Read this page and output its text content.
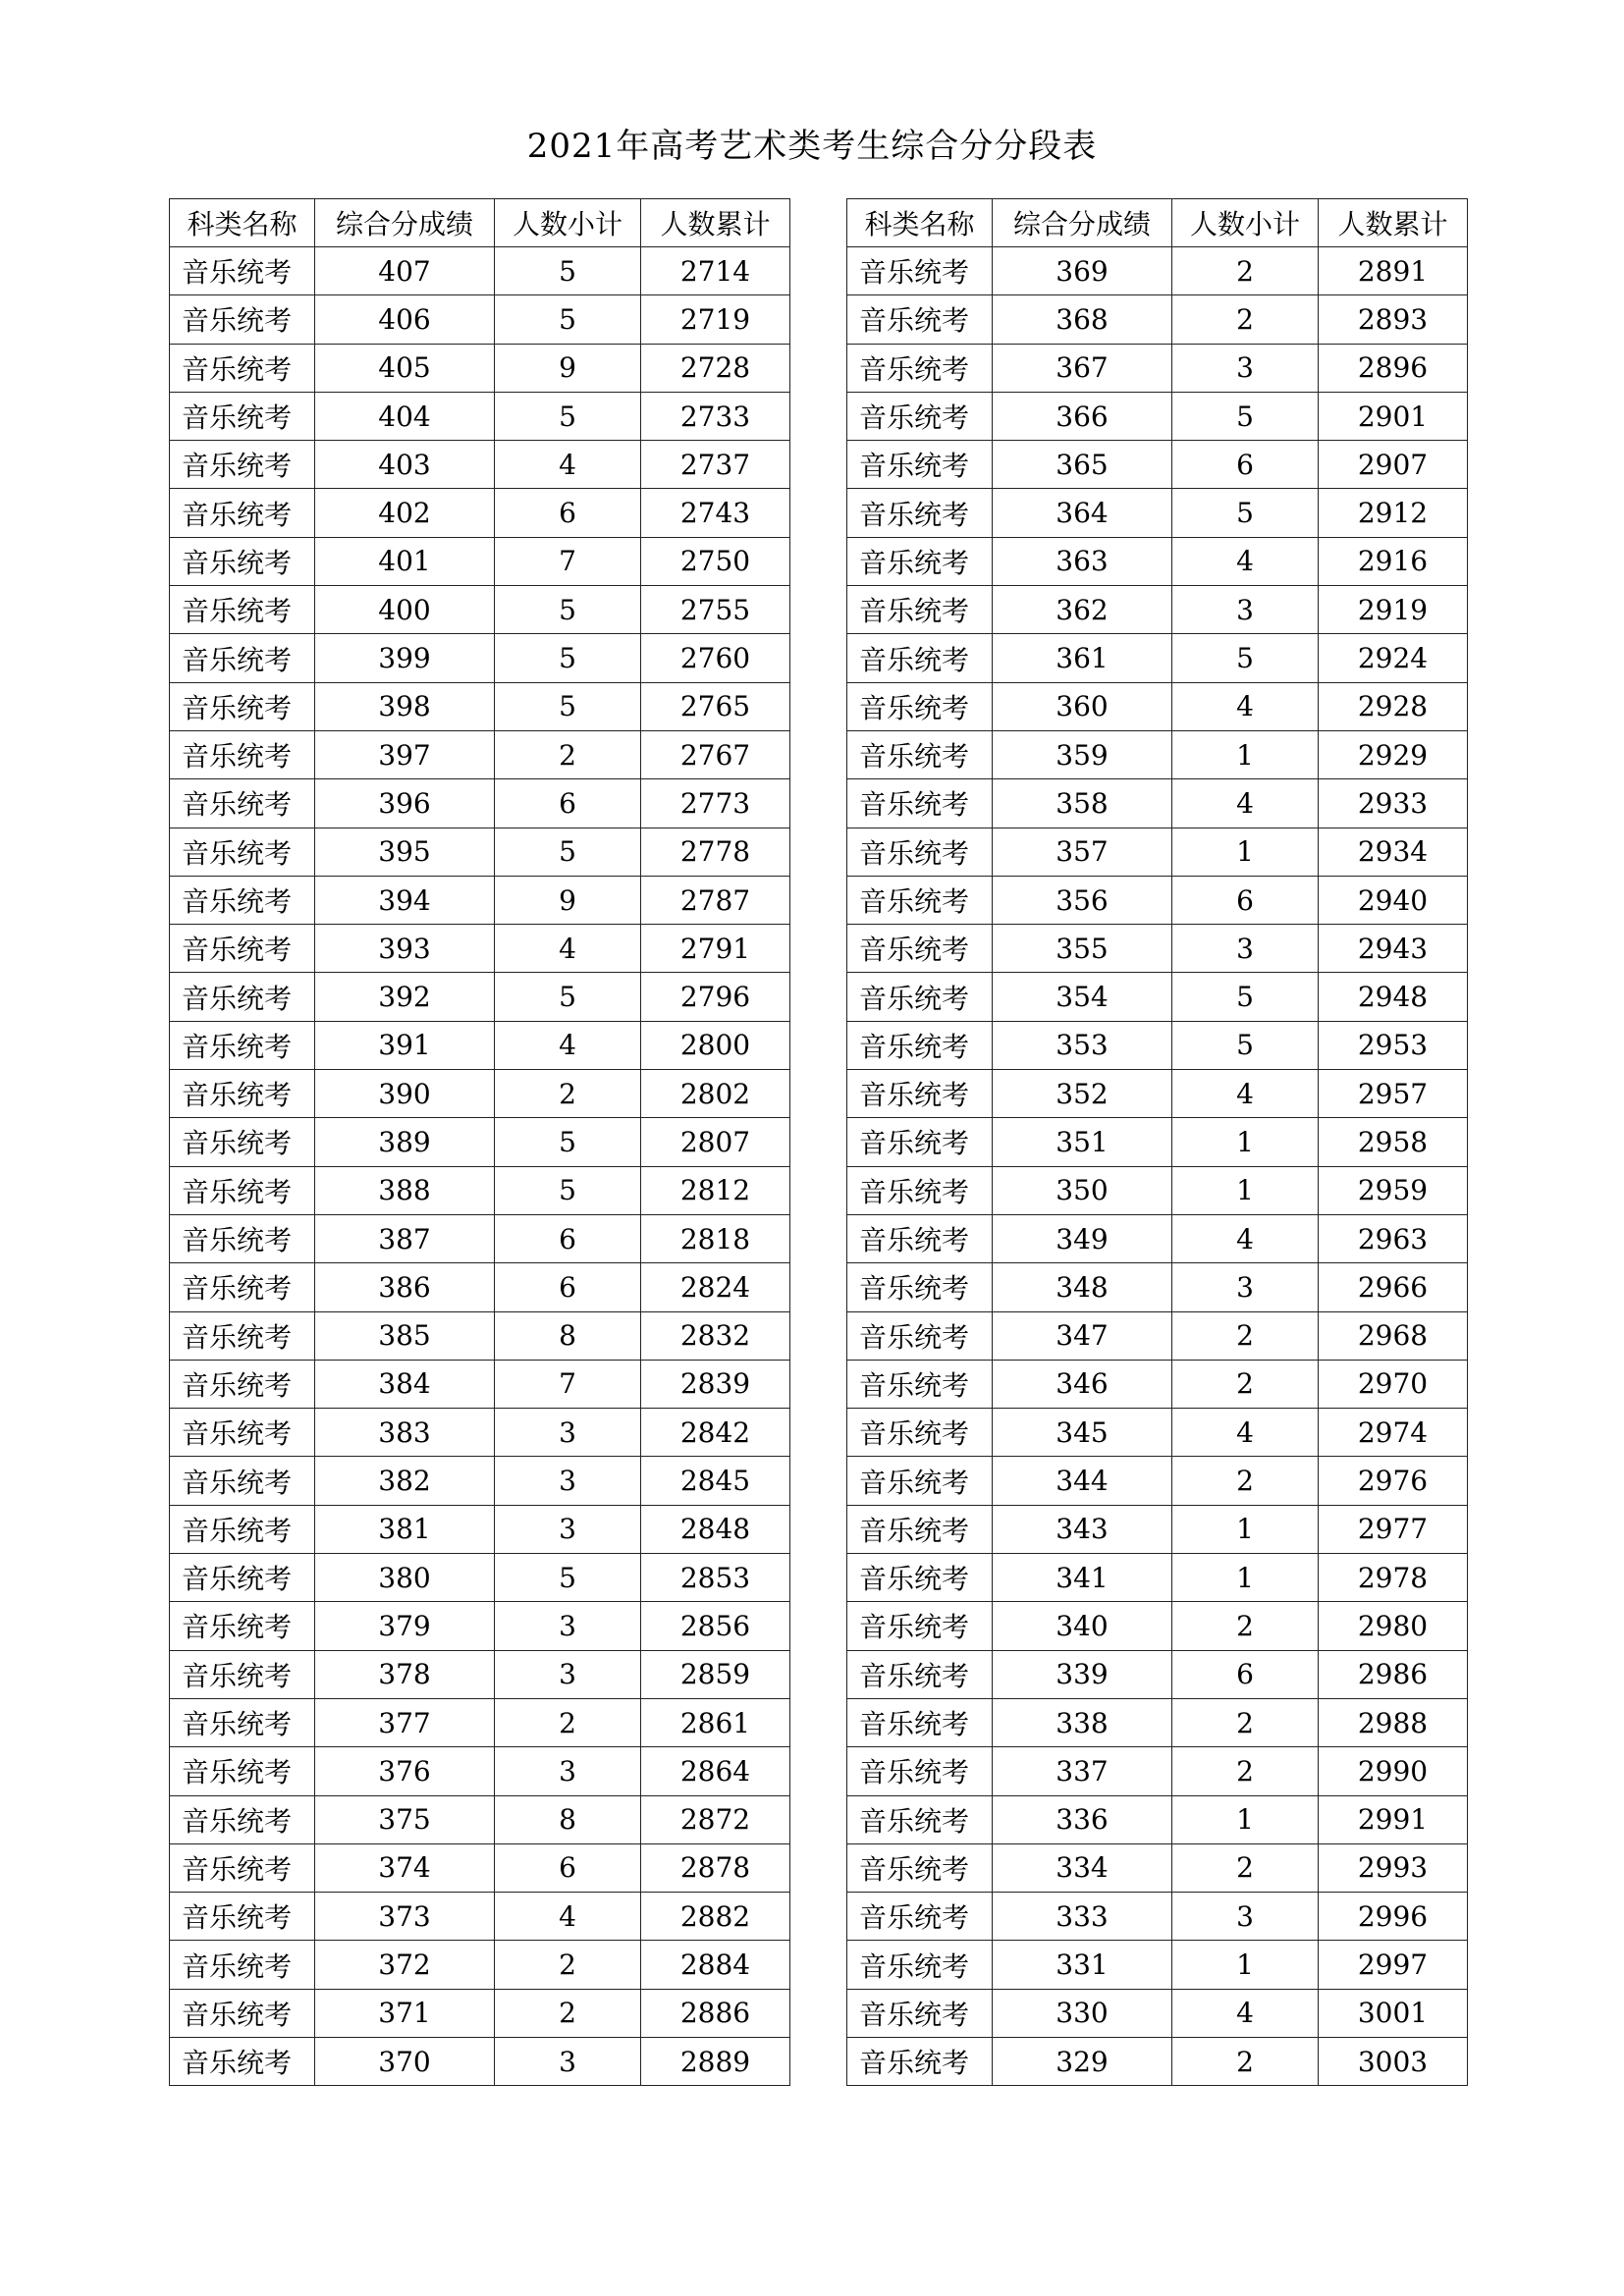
2021年高考艺术类考生综合分分段表
科类名称	综合分成绩	人数小计	人数累计
音乐统考	407	5	2714
音乐统考	406	5	2719
音乐统考	405	9	2728
音乐统考	404	5	2733
音乐统考	403	4	2737
音乐统考	402	6	2743
音乐统考	401	7	2750
音乐统考	400	5	2755
音乐统考	399	5	2760
音乐统考	398	5	2765
音乐统考	397	2	2767
音乐统考	396	6	2773
音乐统考	395	5	2778
音乐统考	394	9	2787
音乐统考	393	4	2791
音乐统考	392	5	2796
音乐统考	391	4	2800
音乐统考	390	2	2802
音乐统考	389	5	2807
音乐统考	388	5	2812
音乐统考	387	6	2818
音乐统考	386	6	2824
音乐统考	385	8	2832
音乐统考	384	7	2839
音乐统考	383	3	2842
音乐统考	382	3	2845
音乐统考	381	3	2848
音乐统考	380	5	2853
音乐统考	379	3	2856
音乐统考	378	3	2859
音乐统考	377	2	2861
音乐统考	376	3	2864
音乐统考	375	8	2872
音乐统考	374	6	2878
音乐统考	373	4	2882
音乐统考	372	2	2884
音乐统考	371	2	2886
音乐统考	370	3	2889
科类名称	综合分成绩	人数小计	人数累计
音乐统考	369	2	2891
音乐统考	368	2	2893
音乐统考	367	3	2896
音乐统考	366	5	2901
音乐统考	365	6	2907
音乐统考	364	5	2912
音乐统考	363	4	2916
音乐统考	362	3	2919
音乐统考	361	5	2924
音乐统考	360	4	2928
音乐统考	359	1	2929
音乐统考	358	4	2933
音乐统考	357	1	2934
音乐统考	356	6	2940
音乐统考	355	3	2943
音乐统考	354	5	2948
音乐统考	353	5	2953
音乐统考	352	4	2957
音乐统考	351	1	2958
音乐统考	350	1	2959
音乐统考	349	4	2963
音乐统考	348	3	2966
音乐统考	347	2	2968
音乐统考	346	2	2970
音乐统考	345	4	2974
音乐统考	344	2	2976
音乐统考	343	1	2977
音乐统考	341	1	2978
音乐统考	340	2	2980
音乐统考	339	6	2986
音乐统考	338	2	2988
音乐统考	337	2	2990
音乐统考	336	1	2991
音乐统考	334	2	2993
音乐统考	333	3	2996
音乐统考	331	1	2997
音乐统考	330	4	3001
音乐统考	329	2	3003
